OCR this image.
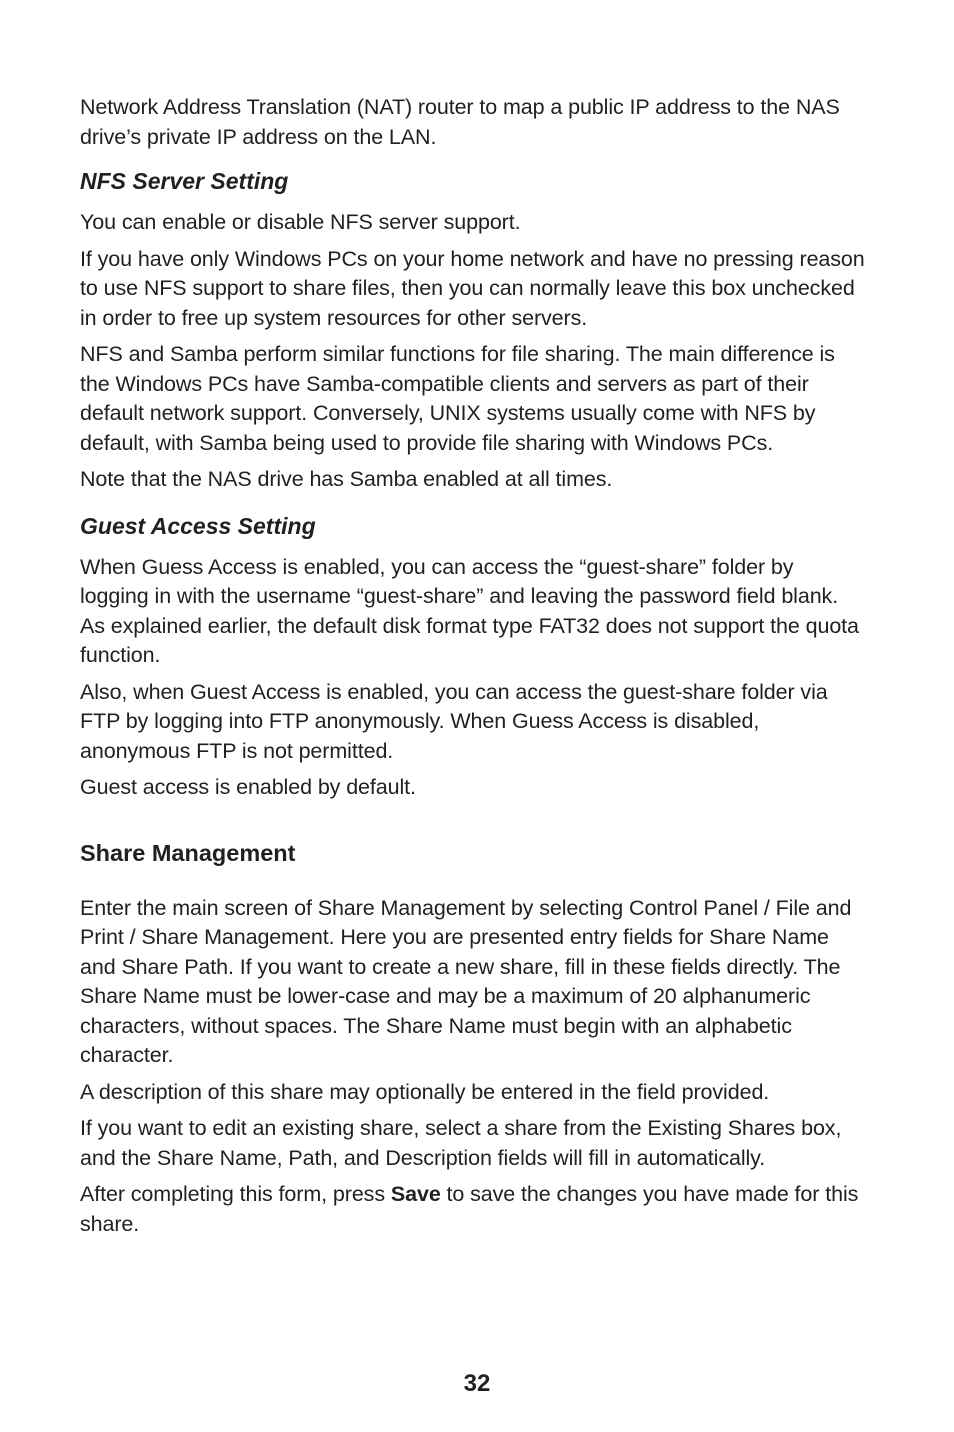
Network Address Translation (NAT) router to map a public IP address to the NAS drive’s private IP address on the LAN.

NFS Server Setting

You can enable or disable NFS server support.

If you have only Windows PCs on your home network and have no pressing reason to use NFS support to share files, then you can normally leave this box unchecked in order to free up system resources for other servers.

NFS and Samba perform similar functions for file sharing. The main difference is the Windows PCs have Samba-compatible clients and servers as part of their default network support. Conversely, UNIX systems usually come with NFS by default, with Samba being used to provide file sharing with Windows PCs.

Note that the NAS drive has Samba enabled at all times.

Guest Access Setting

When Guess Access is enabled, you can access the “guest-share” folder by logging in with the username “guest-share” and leaving the password field blank. As explained earlier, the default disk format type FAT32 does not support the quota function.

Also, when Guest Access is enabled, you can access the guest-share folder via FTP by logging into FTP anonymously. When Guess Access is disabled, anonymous FTP is not permitted.

Guest access is enabled by default.

Share Management

Enter the main screen of Share Management by selecting Control Panel / File and Print / Share Management. Here you are presented entry fields for Share Name and Share Path. If you want to create a new share, fill in these fields directly. The Share Name must be lower-case and may be a maximum of 20 alphanumeric characters, without spaces. The Share Name must begin with an alphabetic character.

A description of this share may optionally be entered in the field provided.

If you want to edit an existing share, select a share from the Existing Shares box, and the Share Name, Path, and Description fields will fill in automatically.

After completing this form, press Save to save the changes you have made for this share.

32
